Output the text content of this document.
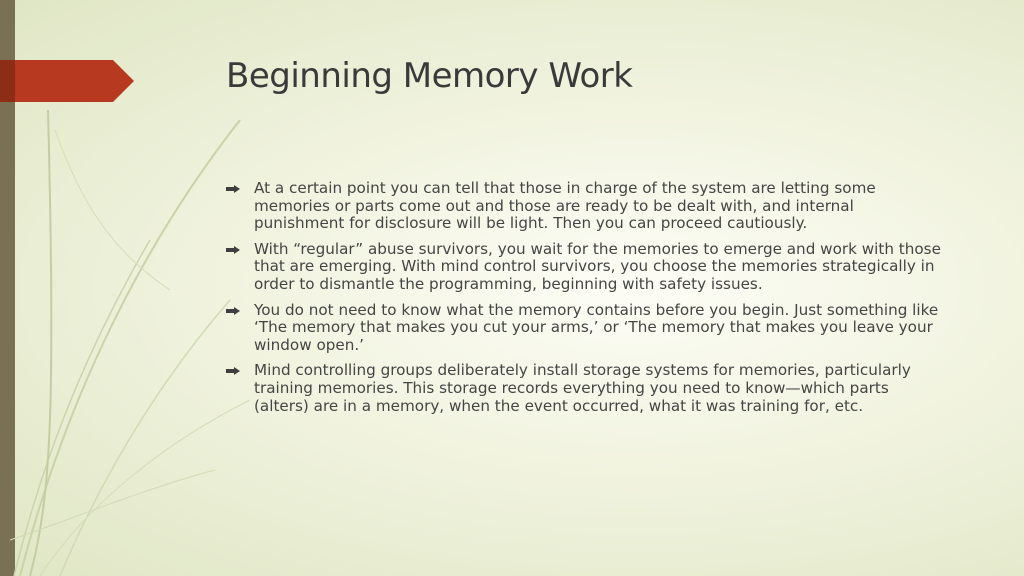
Beginning Memory Work
At a certain point you can tell that those in charge of the system are letting some memories or parts come out and those are ready to be dealt with, and internal punishment for disclosure will be light. Then you can proceed cautiously.
With “regular” abuse survivors, you wait for the memories to emerge and work with those that are emerging. With mind control survivors, you choose the memories strategically in order to dismantle the programming, beginning with safety issues.
You do not need to know what the memory contains before you begin. Just something like ‘The memory that makes you cut your arms,’ or ‘The memory that makes you leave your window open.’
Mind controlling groups deliberately install storage systems for memories, particularly training memories. This storage records everything you need to know—which parts (alters) are in a memory, when the event occurred, what it was training for, etc.
